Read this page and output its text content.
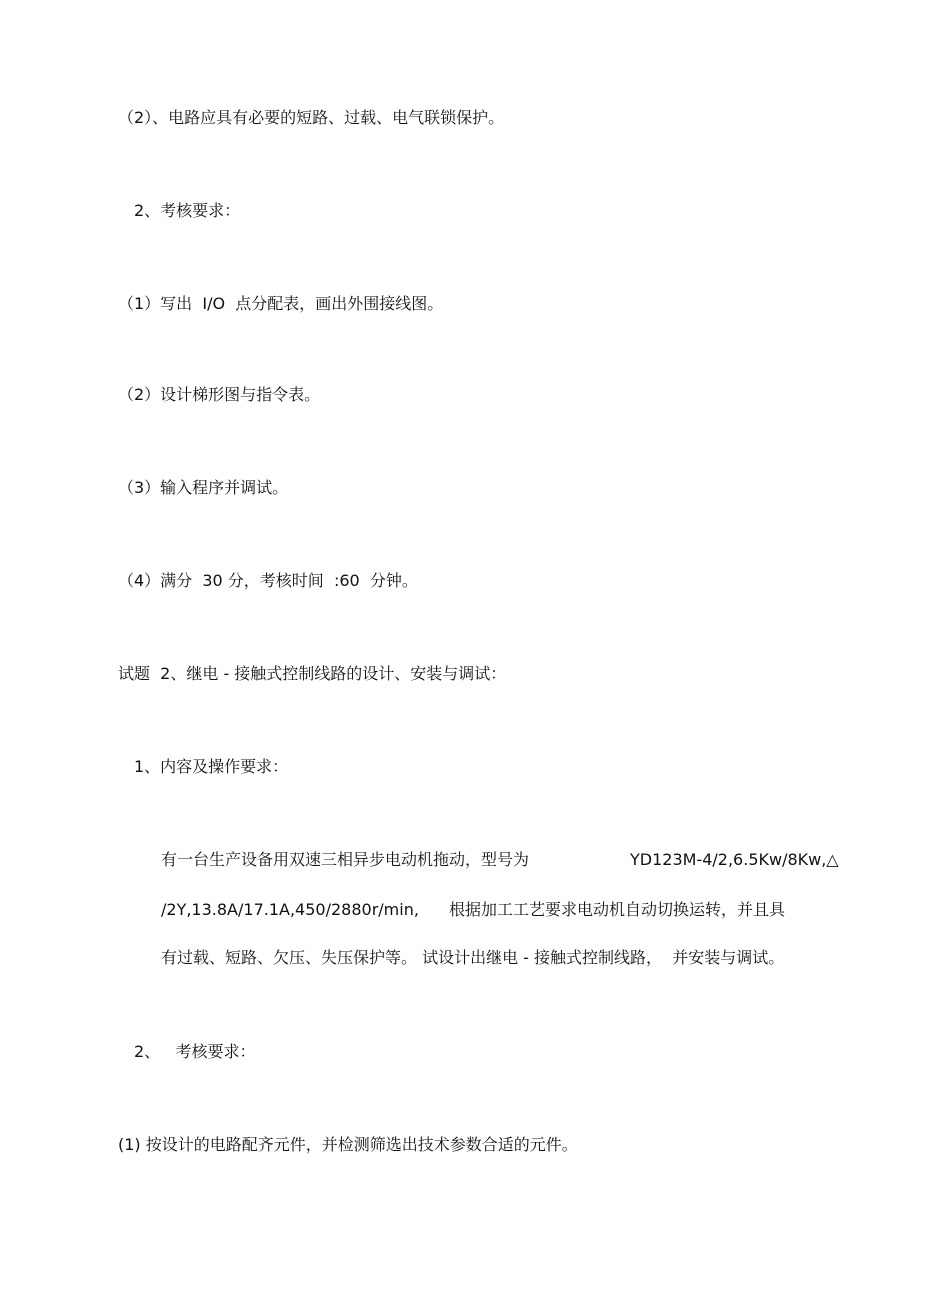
（2）、电路应具有必要的短路、过载、电气联锁保护。
2、考核要求：
（1）写出  I/O  点分配表，画出外围接线图。
（2）设计梯形图与指令表。
（3）输入程序并调试。
（4）满分  30 分，考核时间  :60  分钟。
试题  2、继电 - 接触式控制线路的设计、安装与调试：
1、内容及操作要求：
有一台生产设备用双速三相异步电动机拖动，型号为	YD123M-4/2,6.5Kw/8Kw,△
/2Y,13.8A/17.1A,450/2880r/min, 根据加工工艺要求电动机自动切换运转，并且具
有过载、短路、欠压、失压保护等。 试设计出继电 - 接触式控制线路，  并安装与调试。
2、   考核要求：
(1) 按设计的电路配齐元件，并检测筛选出技术参数合适的元件。
